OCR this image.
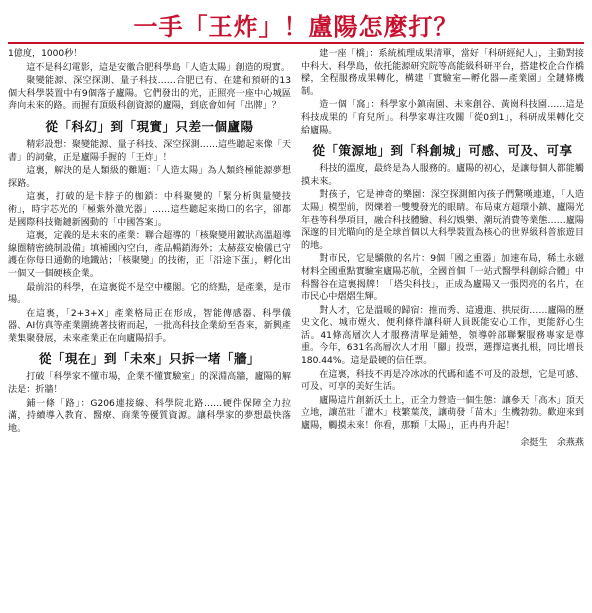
一手「王炸」！盧陽怎麼打？

1億度，1000秒！

這不是科幻電影，這是安徽合肥科學島「人造太陽」創造的現實。

聚變能源、深空探測、量子科技……合肥已有、在建和預研的13個大科學裝置中有9個落子廬陽。它們發出的光，正照亮一座中心城區奔向未來的路。而握有頂級科創資源的廬陽，到底會如何「出牌」？

從「科幻」到「現實」只差一個廬陽

精彩設想：聚變能源、量子科技、深空探測……這些聽起來像「天書」的詞彙，正是廬陽手握的「王炸」！

這裏，解決的是人類級的難題：「人造太陽」為人類終極能源夢想探路。

這裏，打破的是卡脖子的枷鎖：中科聚變的「緊分析與量變技術」，時宇芯光的「極紫外激光器」……這些聽起來拗口的名字，卻都是國際科技衛鏈新國動的「中國答案」。

這裏，定義的是未來的產業：聯合超導的「核聚變用鍍狀高溫超導線圈精密繞制設備」填補國內空白，產品暢銷海外；太赫茲安檢儀已守護在你每日通勤的地鐵站；「核聚變」的技術，正「沿途下蛋」，孵化出一個又一個硬核企業。

最前沿的科學，在這裏從不是空中樓閣。它的終點，是產業，是市場。

在這裏，「2+3+X」產業格局正在形成，智能傳感器、科學儀器、AI仿真等產業圍繞著技術而起，一批高科技企業紛至沓來，新興產業集聚發展，未來產業正在向廬陽招手。

從「現在」到「未來」只拆一堵「牆」

打破「科學家不懂市場，企業不懂實驗室」的深淵高牆，廬陽的解法是：折牆！

鋪一條「路」：G206連接線、科學院北路……硬件保障全力拉滿，持續導入教育、醫療、商業等優質資源。讓科學家的夢想最快落地。

建一座「橋」：系統梳理成果清單，當好「科研經紀人」，主動對接中科大、科學島，依托能源研究院等高能級科研平台，搭建校企合作橋樑，全程服務成果轉化，構建「實驗室—孵化器—產業園」全鏈條機制。

造一個「窩」：科學家小鎮南園、未來創谷、黃崗科技園……這是科技成果的「育兒所」。科學家專注攻關「從0到1」，科研成果轉化交給廬陽。

從「策源地」到「科創城」可感、可及、可享

科技的溫度，最終是為人服務的。廬陽的初心，是讓每個人都能觸摸未來。

對孩子，它是神奇的樂園：深空探測館內孩子們驚嘆連連，「人造太陽」模型前，閃爍着一雙雙發光的眼睛。布局東方超環小鎮、廬陽光年巷等科學項目，融合科技體驗、科幻娛樂、潮玩消費等業態……廬陽深邃的目光瞄向的是全球首個以大科學裝置為核心的世界級科普旅遊目的地。

對市民，它是驕傲的名片：9個「國之重器」加速布局，稀土永磁材料全國重點實驗室廬陽芯航，全國首個「一站式醫學科創綜合體」中科醫谷在這裏揭牌！「塔尖科技」，正成為廬陽又一張閃亮的名片，在市民心中熠熠生輝。

對人才，它是溫暖的歸宿：推而秀、這邊進、拱辰街……廬陽的歷史文化、城市煙火、便利條件讓科研人員既能安心工作，更能舒心生活。41條高層次人才服務清單是鋪墊，領導幹部聯繫服務專家是尊重。今年，631名高層次人才用「腳」投票，選擇這裏扎根，同比增長180.44%。這是最硬的信任票。

在這裏，科技不再是冷冰冰的代碼和遙不可及的設想，它是可感、可及、可享的美好生活。

廬陽這片創新沃土上，正全力營造一個生態：讓參天「高木」頂天立地，讓茁壯「灌木」枝繁葉茂，讓萌發「苗木」生機勃勃。歡迎來到廬陽，觸摸未來！你看，那顆「太陽」，正冉冉升起！

余挺生　余燕燕
